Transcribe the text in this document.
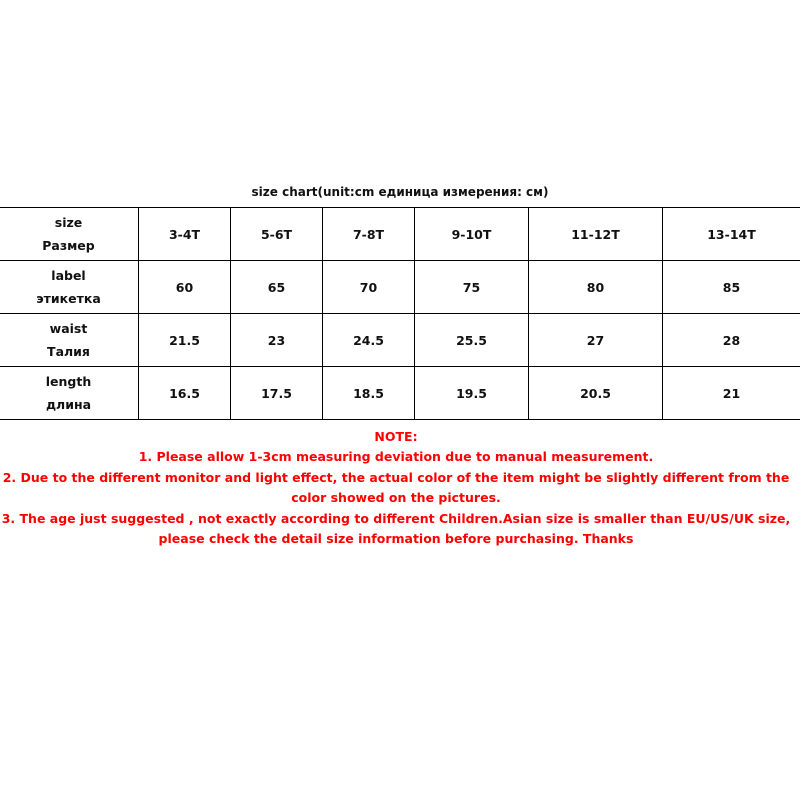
size chart(unit:cm единица измерения: см)
size
Размер	3-4T	5-6T	7-8T	9-10T	11-12T	13-14T

label
этикетка	60	65	70	75	80	85

waist
Талия	21.5	23	24.5	25.5	27	28

length
длина	16.5	17.5	18.5	19.5	20.5	21

NOTE:

1. Please allow 1-3cm measuring deviation due to manual measurement.

2. Due to the different monitor and light effect, the actual color of the item might be slightly different from the color showed on the pictures.

3. The age just suggested , not exactly according to different Children.Asian size is smaller than EU/US/UK size, please check the detail size information before purchasing. Thanks
